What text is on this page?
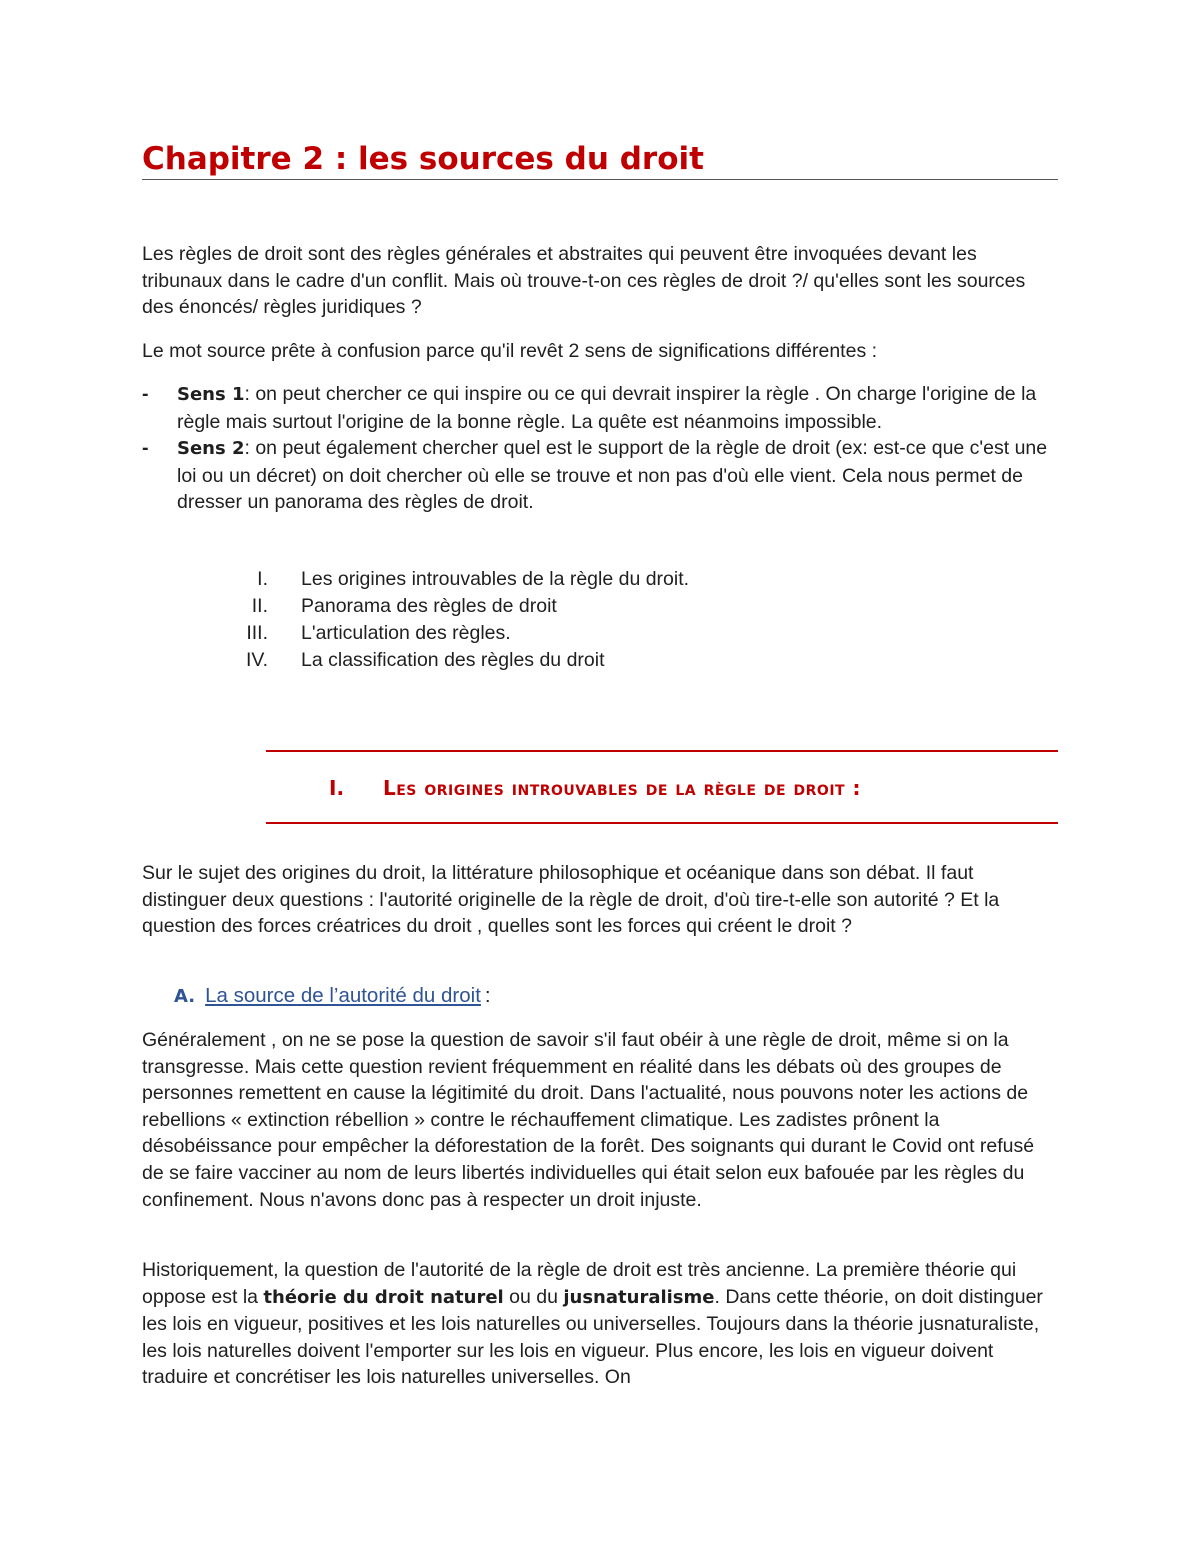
Chapitre 2 : les sources du droit

Les règles de droit sont des règles générales et abstraites qui peuvent être invoquées devant les tribunaux dans le cadre d'un conflit. Mais où trouve-t-on ces règles de droit ?/ qu'elles sont les sources des énoncés/ règles juridiques ?

Le mot source prête à confusion parce qu'il revêt 2 sens de significations différentes :

- Sens 1: on peut chercher ce qui inspire ou ce qui devrait inspirer la règle . On charge l'origine de la règle mais surtout l'origine de la bonne règle. La quête est néanmoins impossible.
- Sens 2: on peut également chercher quel est le support de la règle de droit (ex: est-ce que c'est une loi ou un décret) on doit chercher où elle se trouve et non pas d'où elle vient. Cela nous permet de dresser un panorama des règles de droit.
I. Les origines introuvables de la règle du droit.
II. Panorama des règles de droit
III. L'articulation des règles.
IV. La classification des règles du droit
I. Les origines introuvables de la règle de droit :

Sur le sujet des origines du droit, la littérature philosophique et océanique dans son débat. Il faut distinguer deux questions : l'autorité originelle de la règle de droit, d'où tire-t-elle son autorité ? Et la question des forces créatrices du droit , quelles sont les forces qui créent le droit ?

A. La source de l’autorité du droit :

Généralement , on ne se pose la question de savoir s'il faut obéir à une règle de droit, même si on la transgresse. Mais cette question revient fréquemment en réalité dans les débats où des groupes de personnes remettent en cause la légitimité du droit. Dans l'actualité, nous pouvons noter les actions de rebellions « extinction rébellion » contre le réchauffement climatique. Les zadistes prônent la désobéissance pour empêcher la déforestation de la forêt. Des soignants qui durant le Covid ont refusé de se faire vacciner au nom de leurs libertés individuelles qui était selon eux bafouée par les règles du confinement. Nous n'avons donc pas à respecter un droit injuste.

Historiquement, la question de l'autorité de la règle de droit est très ancienne. La première théorie qui oppose est la théorie du droit naturel ou du jusnaturalisme. Dans cette théorie, on doit distinguer les lois en vigueur, positives et les lois naturelles ou universelles. Toujours dans la théorie jusnaturaliste, les lois naturelles doivent l'emporter sur les lois en vigueur. Plus encore, les lois en vigueur doivent traduire et concrétiser les lois naturelles universelles. On
